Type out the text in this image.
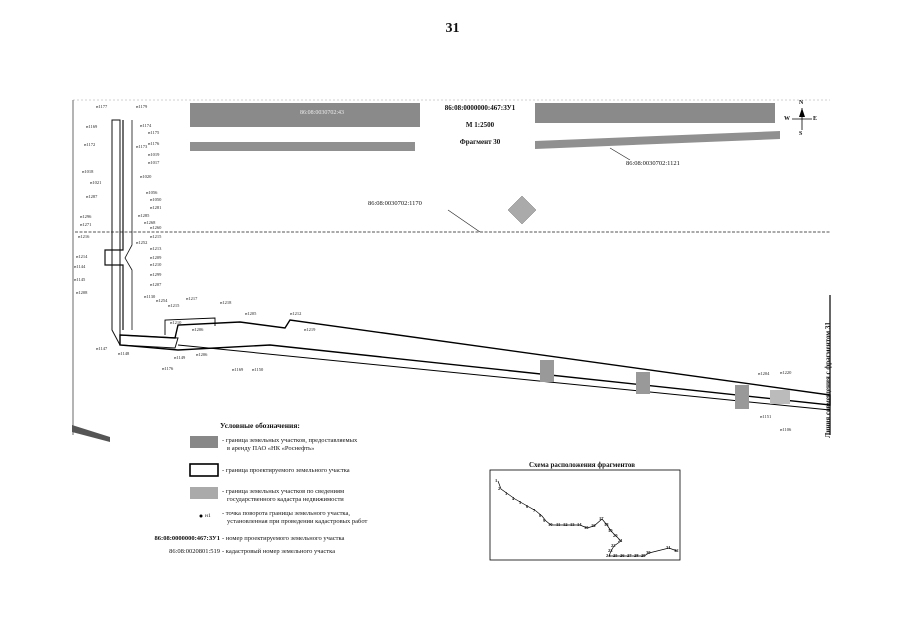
31
86:08:0000000:467:ЗУ1
М 1:2500
Фрагмент 30
86:08:0030702:43
86:08:0030702:1121
86:08:0030702:1170
N
S
W	E
н1177	н1179
н1169	н1174
н1175
н1176
н1172	н1173
н1019
н1017
н1020
н1018
н1021
н1056
н1050
н1287
н1281
н1296	н1285
н1271	н1268
н1260
н1216	н1215
н1252
н1213
н1214	н1209
н1210
н1144
н1145
н1299
н1207
н1208
н1130
н1254	н1217
н1218
н1215
н1206
н1210
н1205	н1212
н1219
н1147
н1148
н1149
н1206
н1176	н1169 н1150
н1204 н1220
н1151
н1106	Линия совмещения с фрагментом 31
Условные обозначения:
- граница земельных участков, предоставляемых
в аренду ПАО «НК «Роснефть»
- граница проектируемого земельного участка
- граница земельных участков по сведениям
государственного кадастра недвижимости
н1 - точка поворота границы земельного участка,
установленная при проведении кадастровых работ
86:08:0000000:467:ЗУ1 - номер проектируемого земельного участка
86:08:0020801:519 - кадастровый номер земельного участка
Схема расположения фрагментов
1
2
3
4
5
6
7
8
9
10 11 12 13 14
15 16
17
18
19
20
21
22
23
24 25 26 27 28 29
30
31
32
